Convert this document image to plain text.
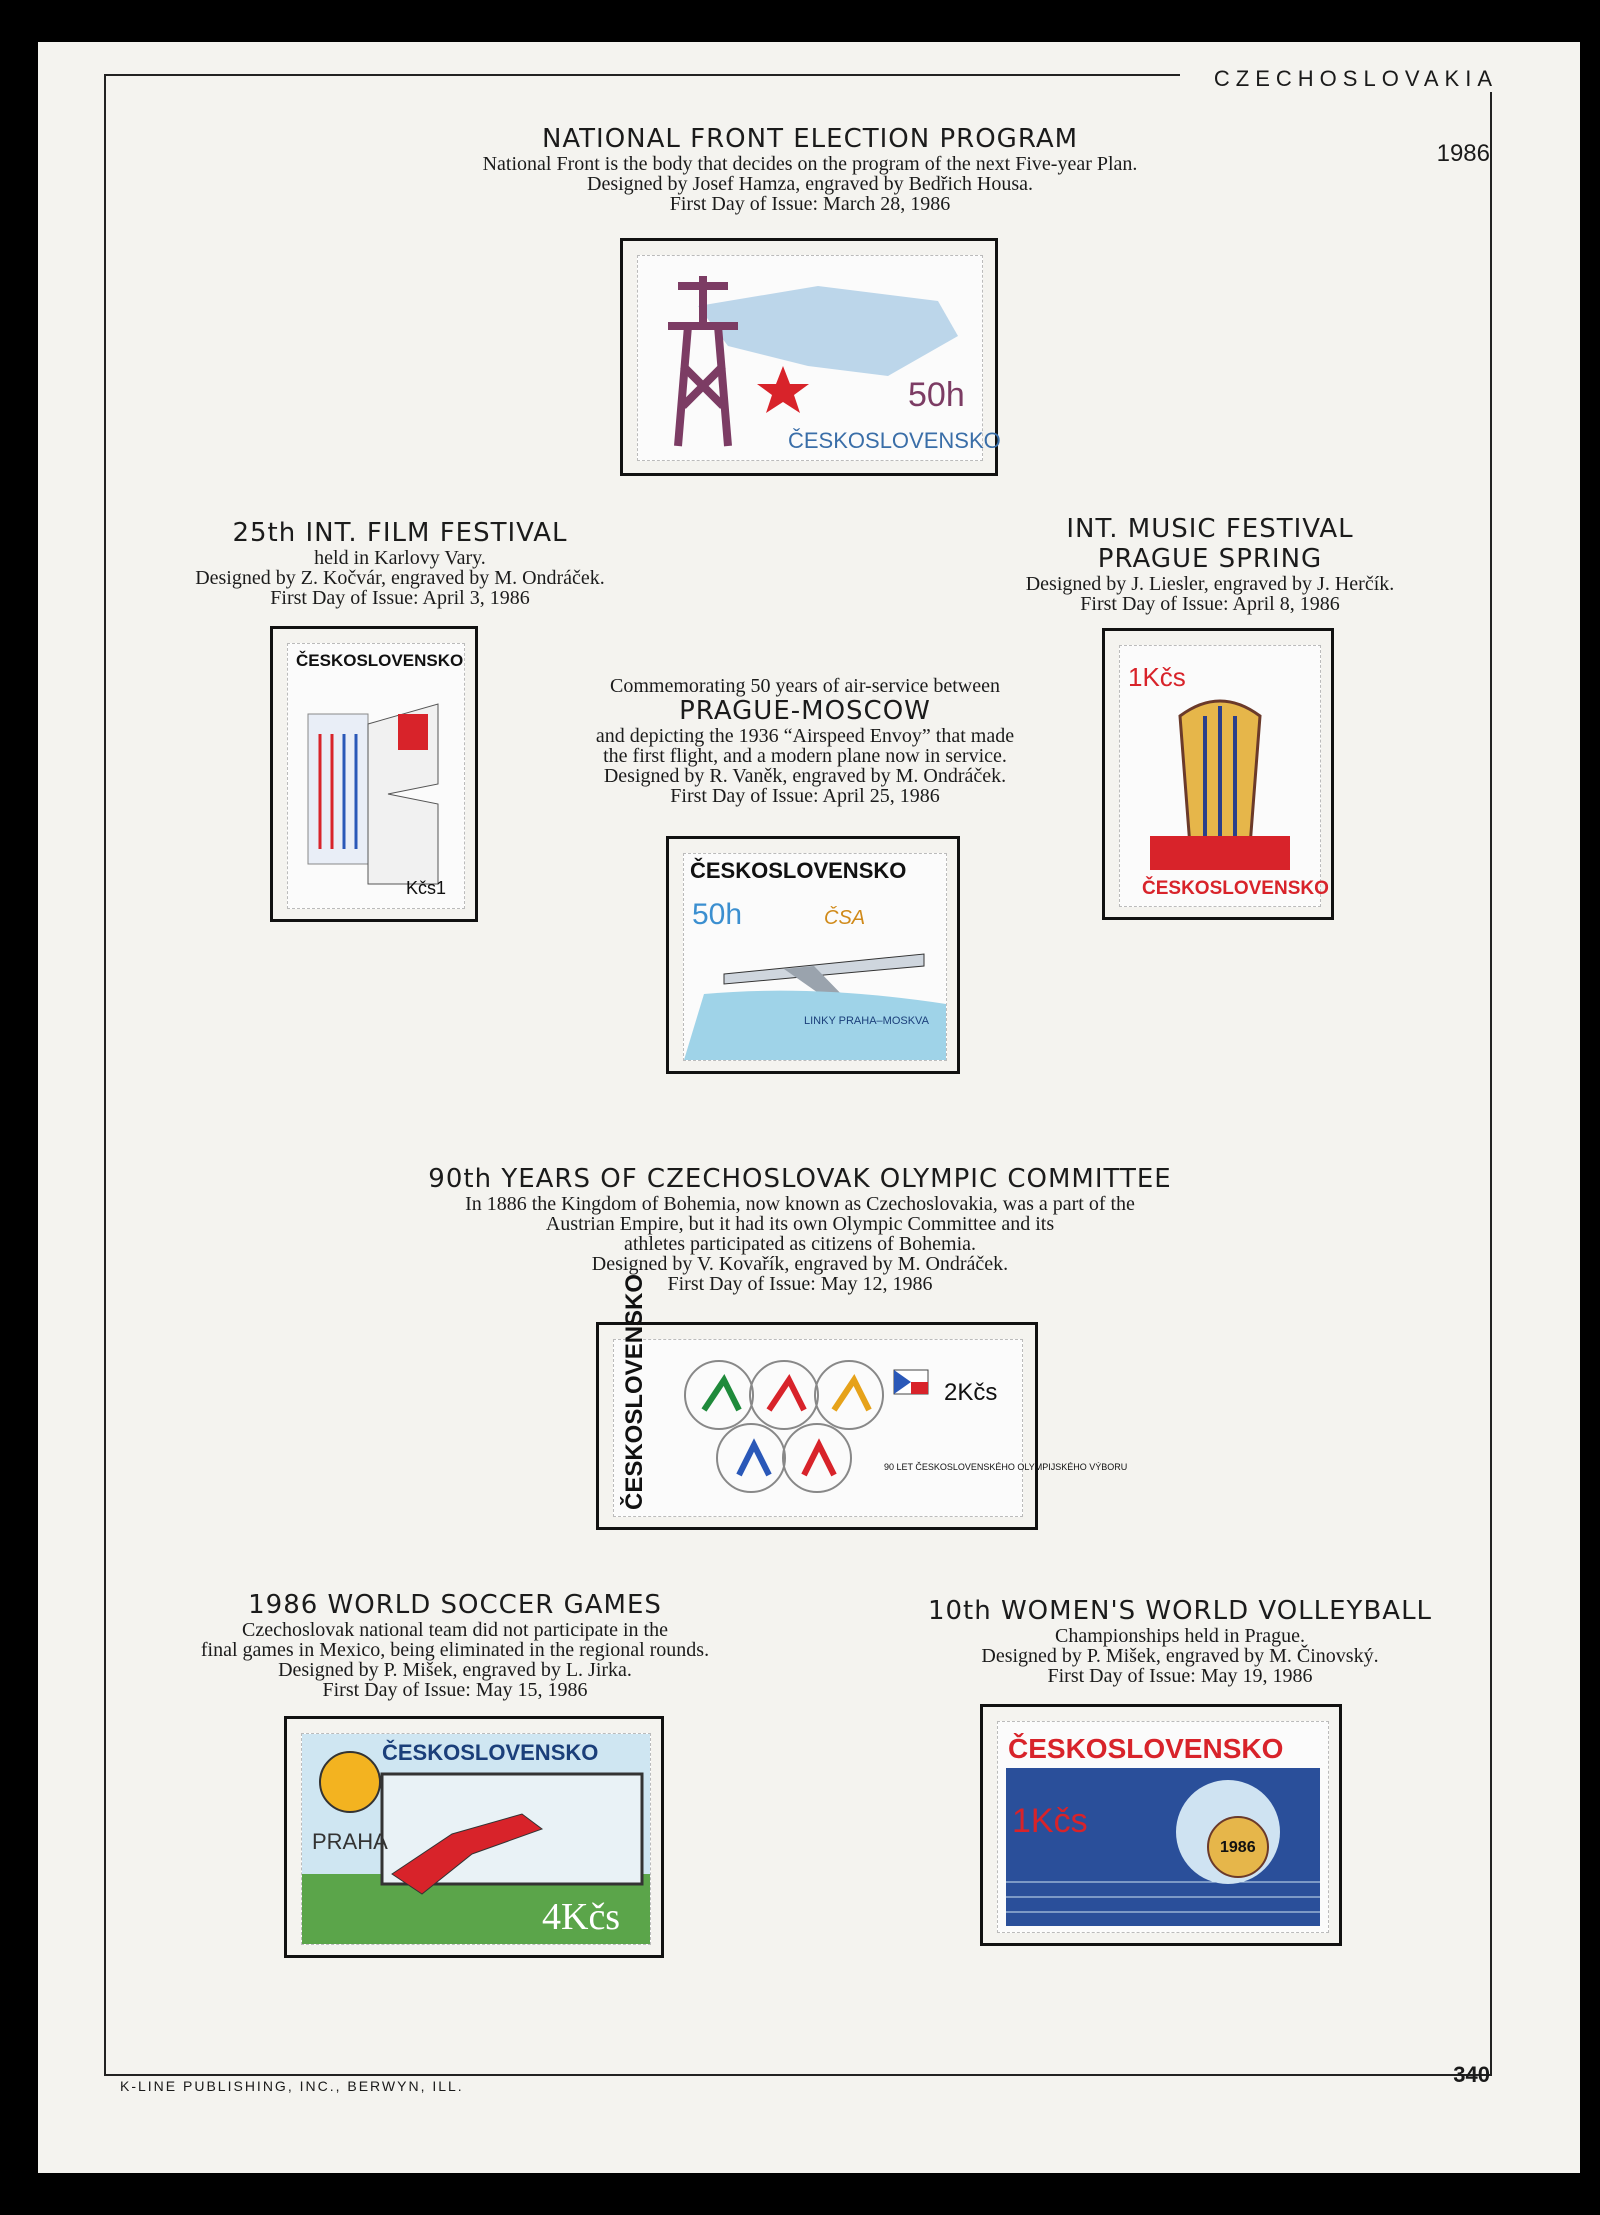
CZECHOSLOVAKIA
1986
NATIONAL FRONT ELECTION PROGRAM
National Front is the body that decides on the program of the next Five-year Plan.
Designed by Josef Hamza, engraved by Bedřich Housa.
First Day of Issue: March 28, 1986
50h
ČESKOSLOVENSKO
25th INT. FILM FESTIVAL
held in Karlovy Vary.
Designed by Z. Kočvár, engraved by M. Ondráček.
First Day of Issue: April 3, 1986
ČESKOSLOVENSKO
Kčs1
INT. MUSIC FESTIVAL
PRAGUE SPRING
Designed by J. Liesler, engraved by J. Herčík.
First Day of Issue: April 8, 1986
1Kčs
ČESKOSLOVENSKO
Commemorating 50 years of air-service between
PRAGUE-MOSCOW
and depicting the 1936 “Airspeed Envoy” that made
the first flight, and a modern plane now in service.
Designed by R. Vaněk, engraved by M. Ondráček.
First Day of Issue: April 25, 1986
ČESKOSLOVENSKO
50h	ČSA
LINKY PRAHA–MOSKVA
90th YEARS OF CZECHOSLOVAK OLYMPIC COMMITTEE
In 1886 the Kingdom of Bohemia, now known as Czechoslovakia, was a part of the
Austrian Empire, but it had its own Olympic Committee and its
athletes participated as citizens of Bohemia.
Designed by V. Kovařík, engraved by M. Ondráček.
First Day of Issue: May 12, 1986
ČESKOSLOVENSKO	2Kčs
90 LET ČESKOSLOVENSKÉHO OLYMPIJSKÉHO VÝBORU
1986 WORLD SOCCER GAMES
Czechoslovak national team did not participate in the
final games in Mexico, being eliminated in the regional rounds.
Designed by P. Mišek, engraved by L. Jirka.
First Day of Issue: May 15, 1986
ČESKOSLOVENSKO
PRAHA
4Kčs
10th WOMEN'S WORLD VOLLEYBALL
Championships held in Prague.
Designed by P. Mišek, engraved by M. Činovský.
First Day of Issue: May 19, 1986
ČESKOSLOVENSKO
1Kčs
1986
K-LINE PUBLISHING, INC., BERWYN, ILL.	340
